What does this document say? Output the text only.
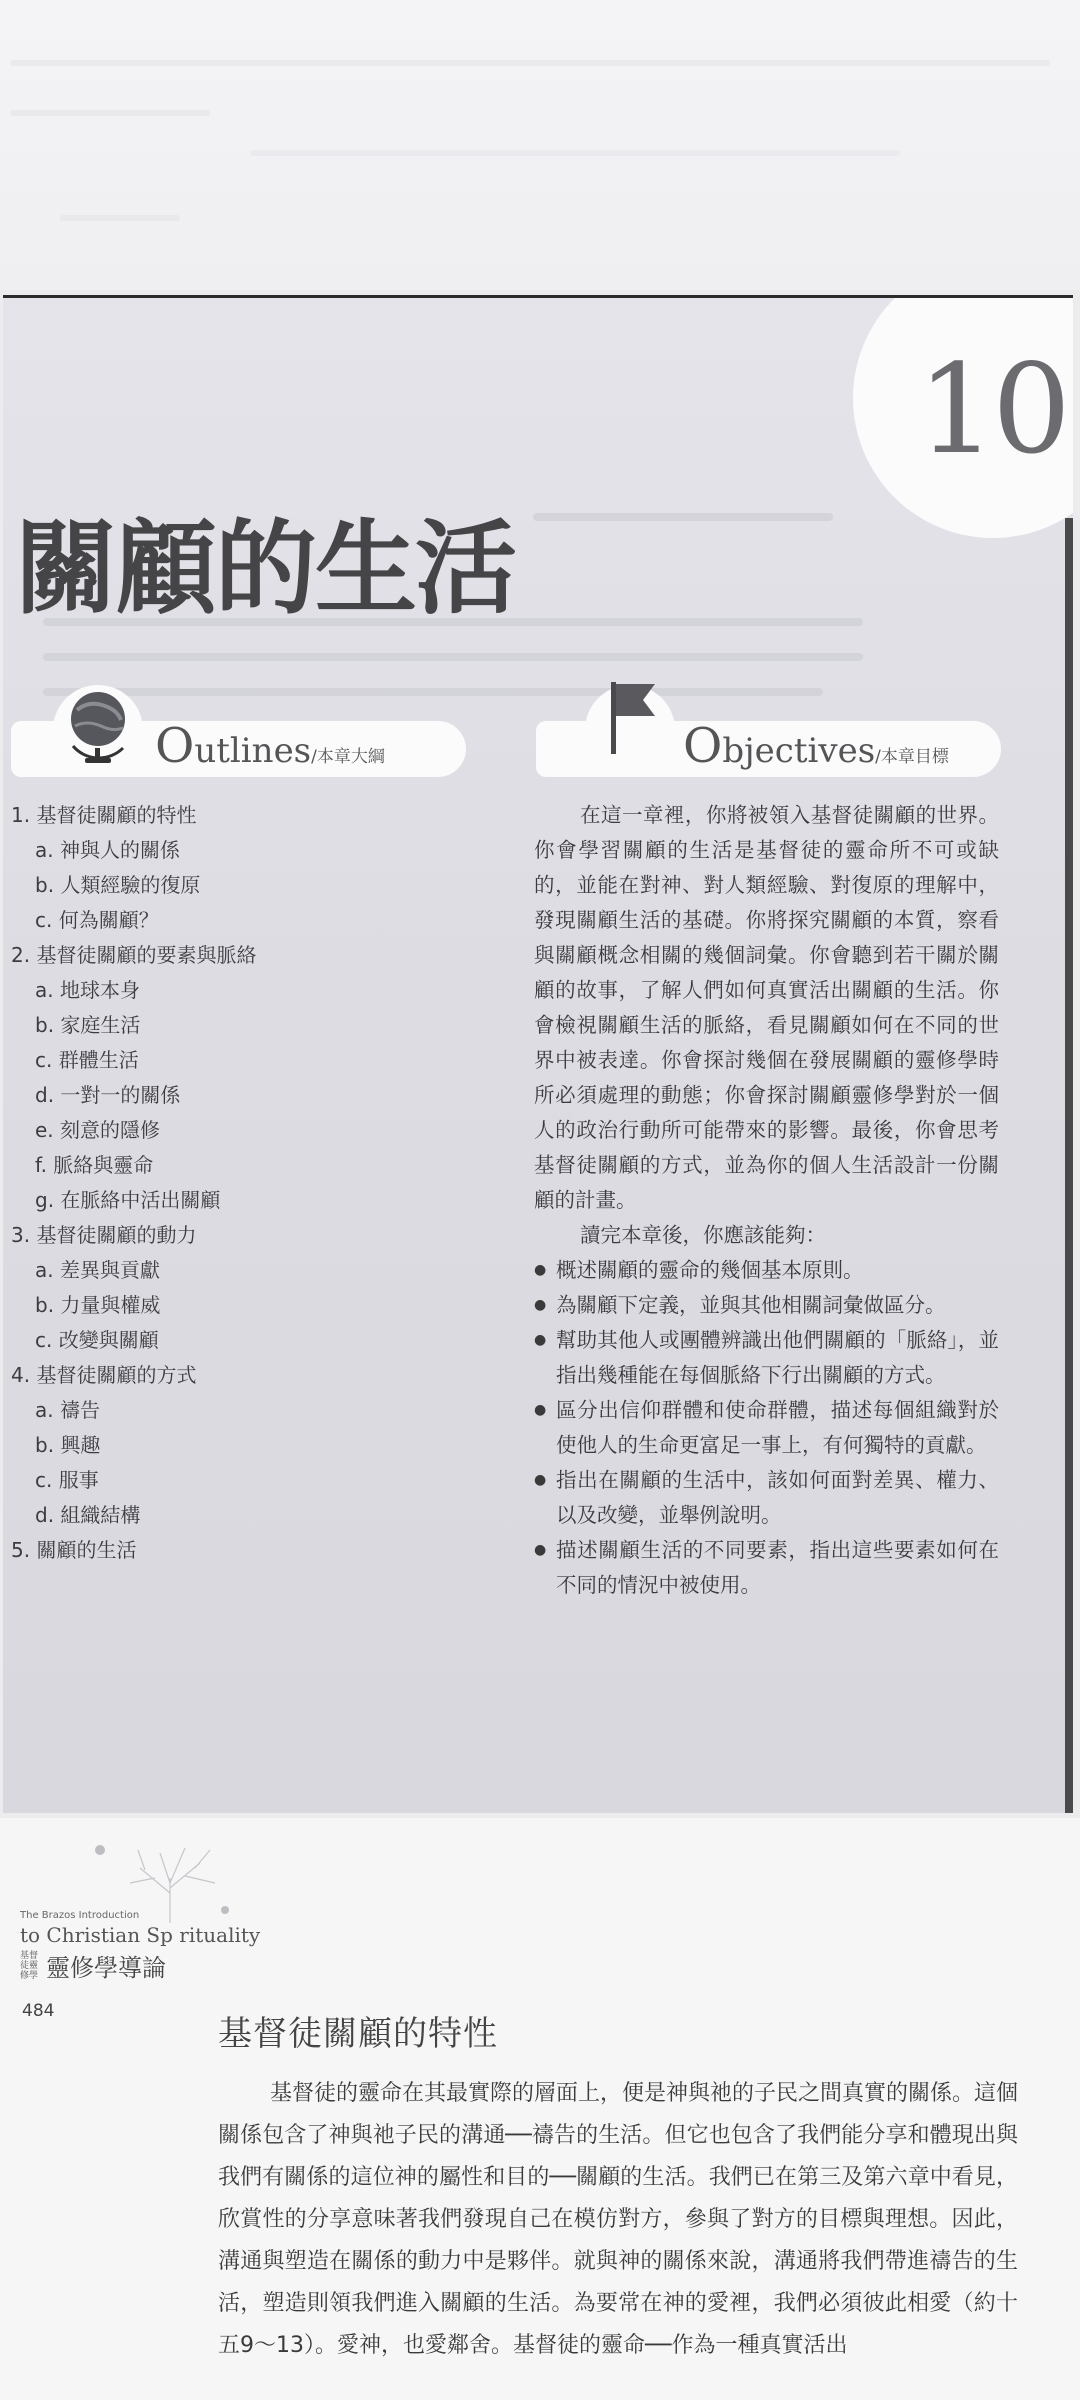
10
關顧的生活
Outlines/本章大綱	Objectives/本章目標
1. 基督徒關顧的特性
a. 神與人的關係
b. 人類經驗的復原
c. 何為關顧？
2. 基督徒關顧的要素與脈絡
a. 地球本身
b. 家庭生活
c. 群體生活
d. 一對一的關係
e. 刻意的隱修
f. 脈絡與靈命
g. 在脈絡中活出關顧
3. 基督徒關顧的動力
a. 差異與貢獻
b. 力量與權威
c. 改變與關顧
4. 基督徒關顧的方式
a. 禱告
b. 興趣
c. 服事
d. 組織結構
5. 關顧的生活

在這一章裡，你將被領入基督徒關顧的世界。你會學習關顧的生活是基督徒的靈命所不可或缺的，並能在對神、對人類經驗、對復原的理解中，發現關顧生活的基礎。你將探究關顧的本質，察看與關顧概念相關的幾個詞彙。你會聽到若干關於關顧的故事，了解人們如何真實活出關顧的生活。你會檢視關顧生活的脈絡，看見關顧如何在不同的世界中被表達。你會探討幾個在發展關顧的靈修學時所必須處理的動態；你會探討關顧靈修學對於一個人的政治行動所可能帶來的影響。最後，你會思考基督徒關顧的方式，並為你的個人生活設計一份關顧的計畫。

讀完本章後，你應該能夠：

● 概述關顧的靈命的幾個基本原則。
● 為關顧下定義，並與其他相關詞彙做區分。
● 幫助其他人或團體辨識出他們關顧的「脈絡」，並指出幾種能在每個脈絡下行出關顧的方式。
● 區分出信仰群體和使命群體，描述每個組織對於使他人的生命更富足一事上，有何獨特的貢獻。
● 指出在關顧的生活中，該如何面對差異、權力、以及改變，並舉例說明。
● 描述關顧生活的不同要素，指出這些要素如何在不同的情況中被使用。
The Brazos Introduction
to Christian Sp rituality
基督徒靈修學 靈修學導論
484
基督徒關顧的特性

基督徒的靈命在其最實際的層面上，便是神與祂的子民之間真實的關係。這個關係包含了神與祂子民的溝通──禱告的生活。但它也包含了我們能分享和體現出與我們有關係的這位神的屬性和目的──關顧的生活。我們已在第三及第六章中看見，欣賞性的分享意味著我們發現自己在模仿對方，參與了對方的目標與理想。因此，溝通與塑造在關係的動力中是夥伴。就與神的關係來說，溝通將我們帶進禱告的生活，塑造則領我們進入關顧的生活。為要常在神的愛裡，我們必須彼此相愛（約十五9～13）。愛神，也愛鄰舍。基督徒的靈命──作為一種真實活出
